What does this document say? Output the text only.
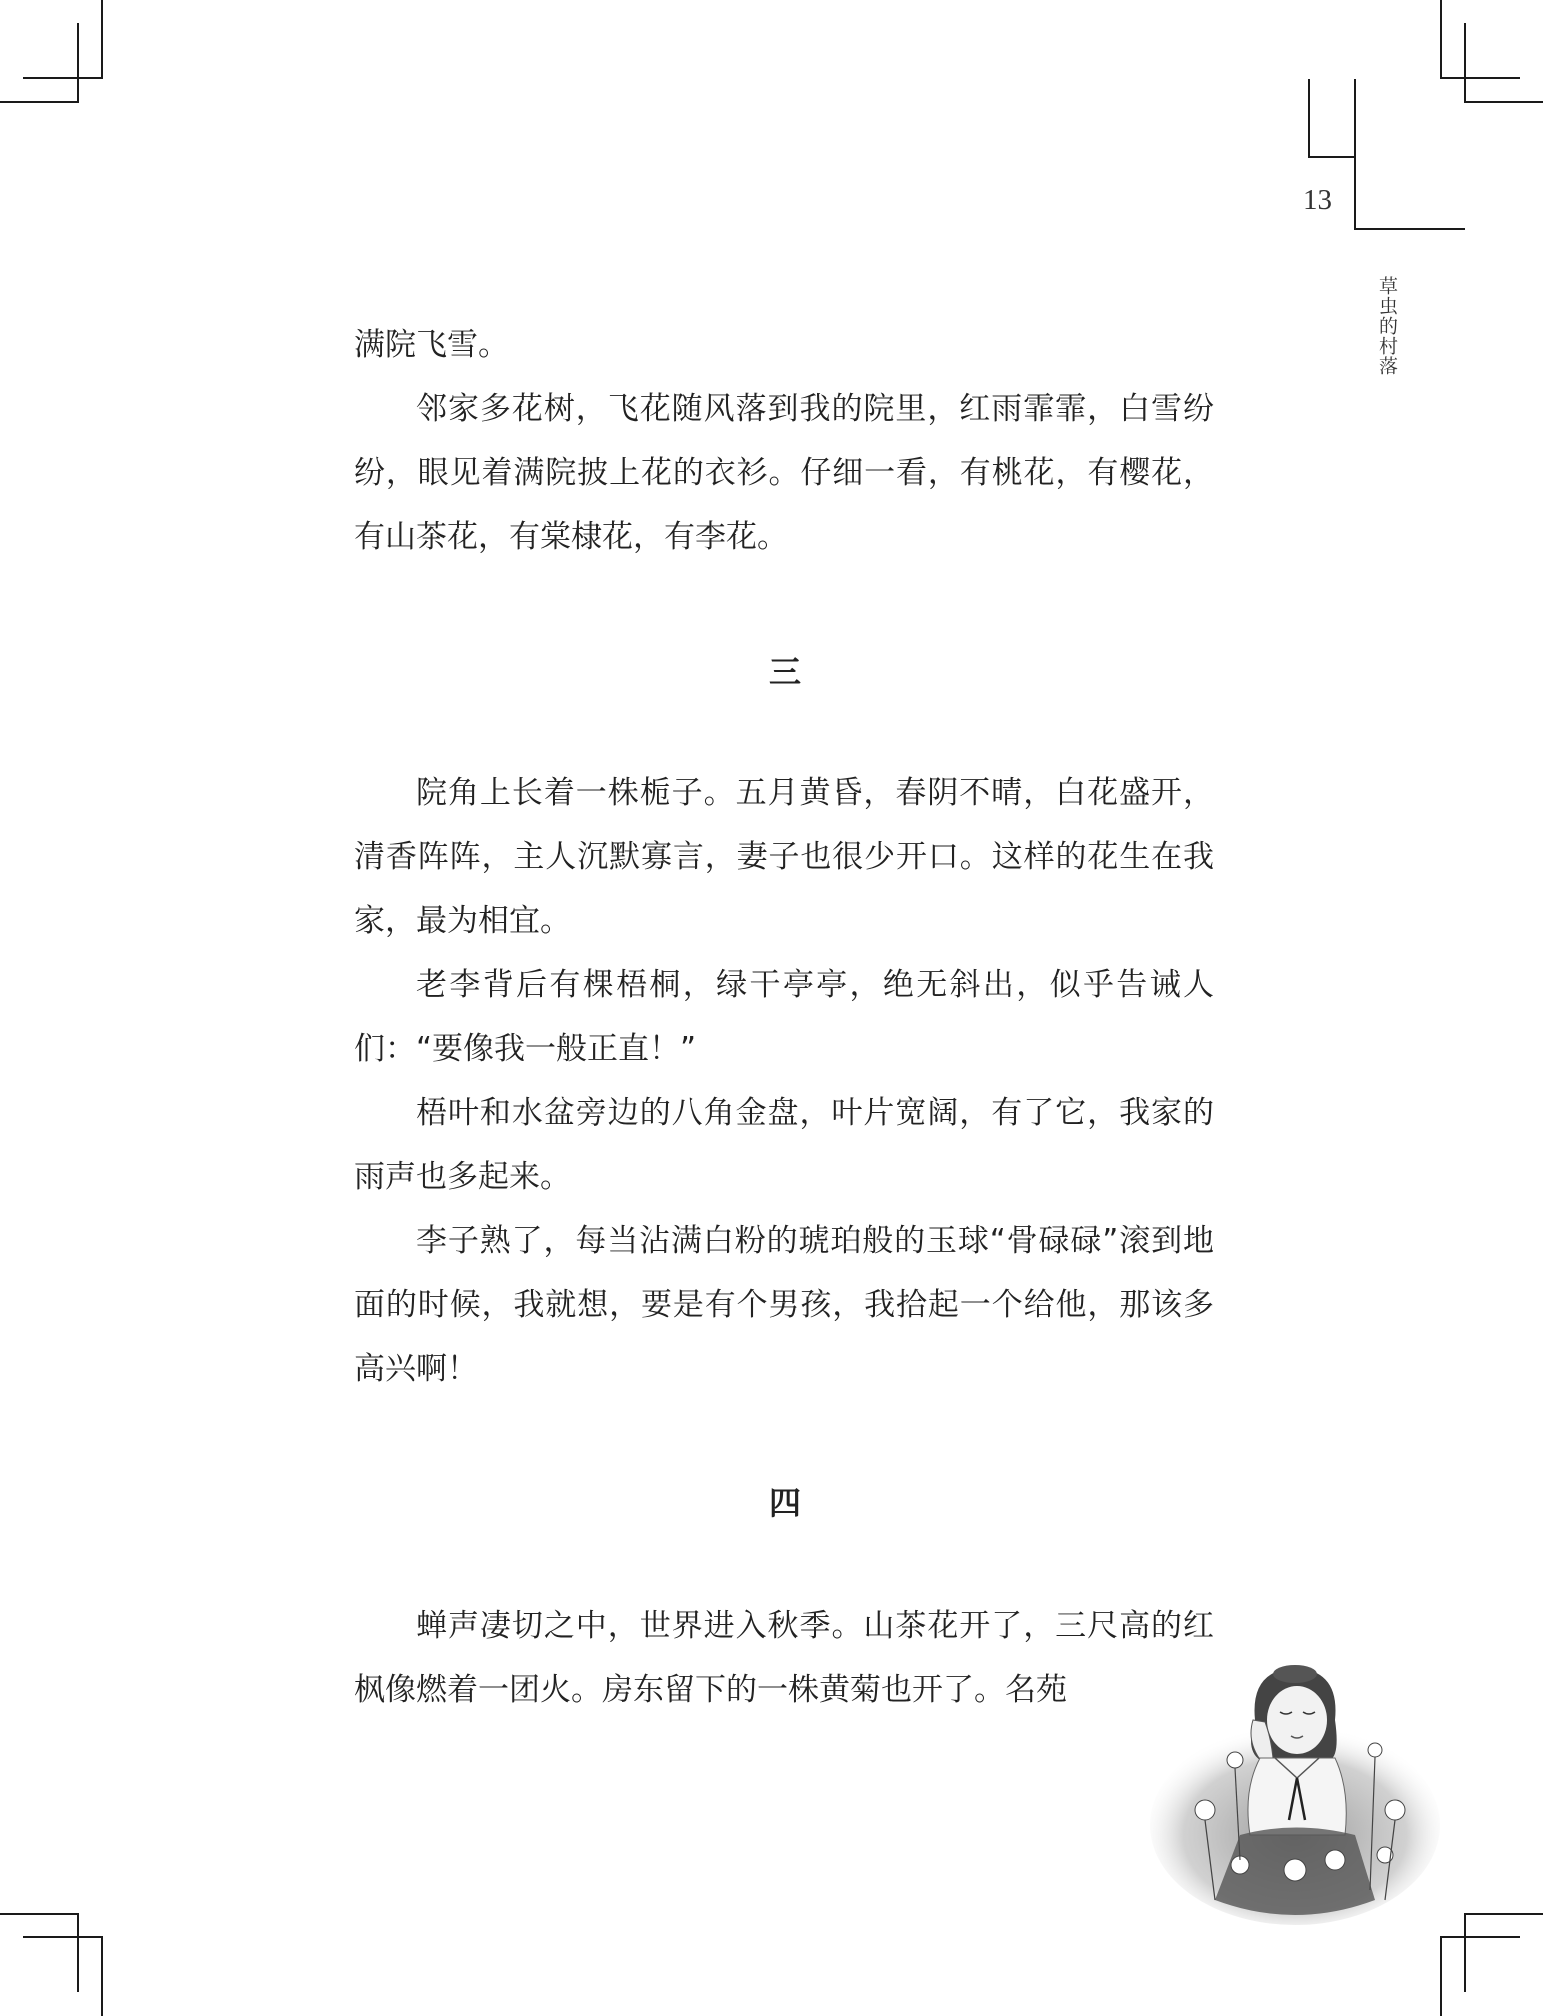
13
草虫的村落

满院飞雪。

邻家多花树，飞花随风落到我的院里，红雨霏霏，白雪纷纷，眼见着满院披上花的衣衫。仔细一看，有桃花，有樱花，有山茶花，有棠棣花，有李花。

三

院角上长着一株栀子。五月黄昏，春阴不晴，白花盛开，清香阵阵，主人沉默寡言，妻子也很少开口。这样的花生在我家，最为相宜。

老李背后有棵梧桐，绿干亭亭，绝无斜出，似乎告诫人们：“要像我一般正直！”

梧叶和水盆旁边的八角金盘，叶片宽阔，有了它，我家的雨声也多起来。

李子熟了，每当沾满白粉的琥珀般的玉球“骨碌碌”滚到地面的时候，我就想，要是有个男孩，我拾起一个给他，那该多高兴啊！

四

蝉声凄切之中，世界进入秋季。山茶花开了，三尺高的红枫像燃着一团火。房东留下的一株黄菊也开了。名苑
